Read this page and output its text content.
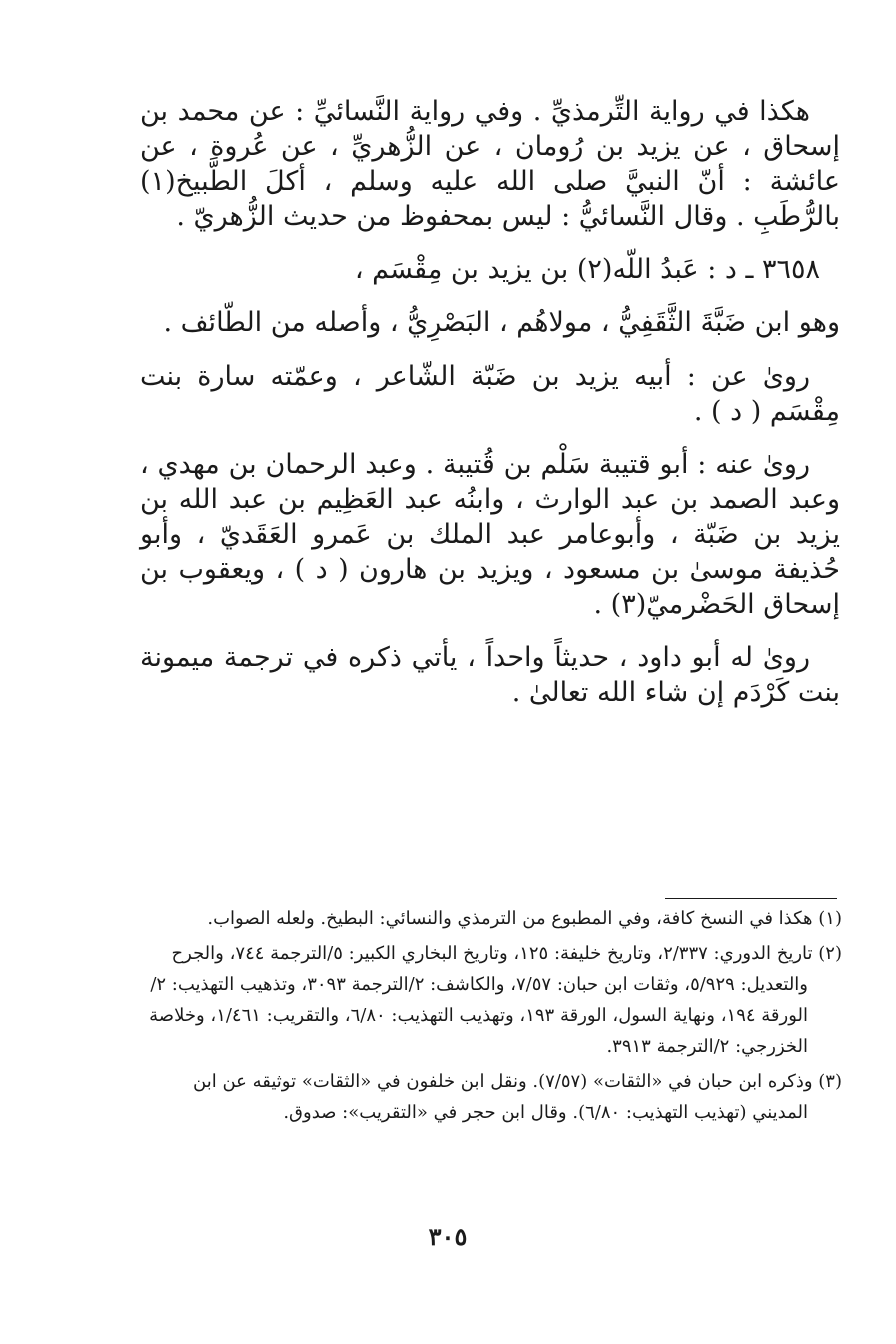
هكذا في رواية التِّرمذيِّ . وفي رواية النَّسائيِّ : عن محمد بن إسحاق ، عن يزيد بن رُومان ، عن الزُّهريِّ ، عن عُروة ، عن عائشة : أنّ النبيَّ صلى الله عليه وسلم ، أكلَ الطَّبيخ(١) بالرُّطَبِ . وقال النَّسائيُّ : ليس بمحفوظ من حديث الزُّهريّ .

٣٦٥٨ ـ د : عَبدُ اللّه(٢) بن يزيد بن مِقْسَم ،

وهو ابن ضَبَّةَ الثَّقَفِيُّ ، مولاهُم ، البَصْرِيُّ ، وأصله من الطّائف .

روىٰ عن : أبيه يزيد بن ضَبّة الشّاعر ، وعمّته سارة بنت مِقْسَم ( د ) .

روىٰ عنه : أبو قتيبة سَلْم بن قُتيبة . وعبد الرحمان بن مهدي ، وعبد الصمد بن عبد الوارث ، وابنُه عبد العَظِيم بن عبد الله بن يزيد بن ضَبّة ، وأبوعامر عبد الملك بن عَمرو العَقَديّ ، وأبو حُذيفة موسىٰ بن مسعود ، ويزيد بن هارون ( د ) ، ويعقوب بن إسحاق الحَضْرميّ(٣) .

روىٰ له أبو داود ، حديثاً واحداً ، يأتي ذكره في ترجمة ميمونة بنت كَرْدَم إن شاء الله تعالىٰ .

(١) هكذا في النسخ كافة، وفي المطبوع من الترمذي والنسائي: البطيخ. ولعله الصواب.

(٢) تاريخ الدوري: ٢/٣٣٧، وتاريخ خليفة: ١٢٥، وتاريخ البخاري الكبير: ٥/الترجمة ٧٤٤، والجرح والتعديل: ٥/٩٢٩، وثقات ابن حبان: ٧/٥٧، والكاشف: ٢/الترجمة ٣٠٩٣، وتذهيب التهذيب: ٢/الورقة ١٩٤، ونهاية السول، الورقة ١٩٣، وتهذيب التهذيب: ٦/٨٠، والتقريب: ١/٤٦١، وخلاصة الخزرجي: ٢/الترجمة ٣٩١٣.

(٣) وذكره ابن حبان في «الثقات» (٧/٥٧). ونقل ابن خلفون في «الثقات» توثيقه عن ابن المديني (تهذيب التهذيب: ٦/٨٠). وقال ابن حجر في «التقريب»: صدوق.

٣٠٥
